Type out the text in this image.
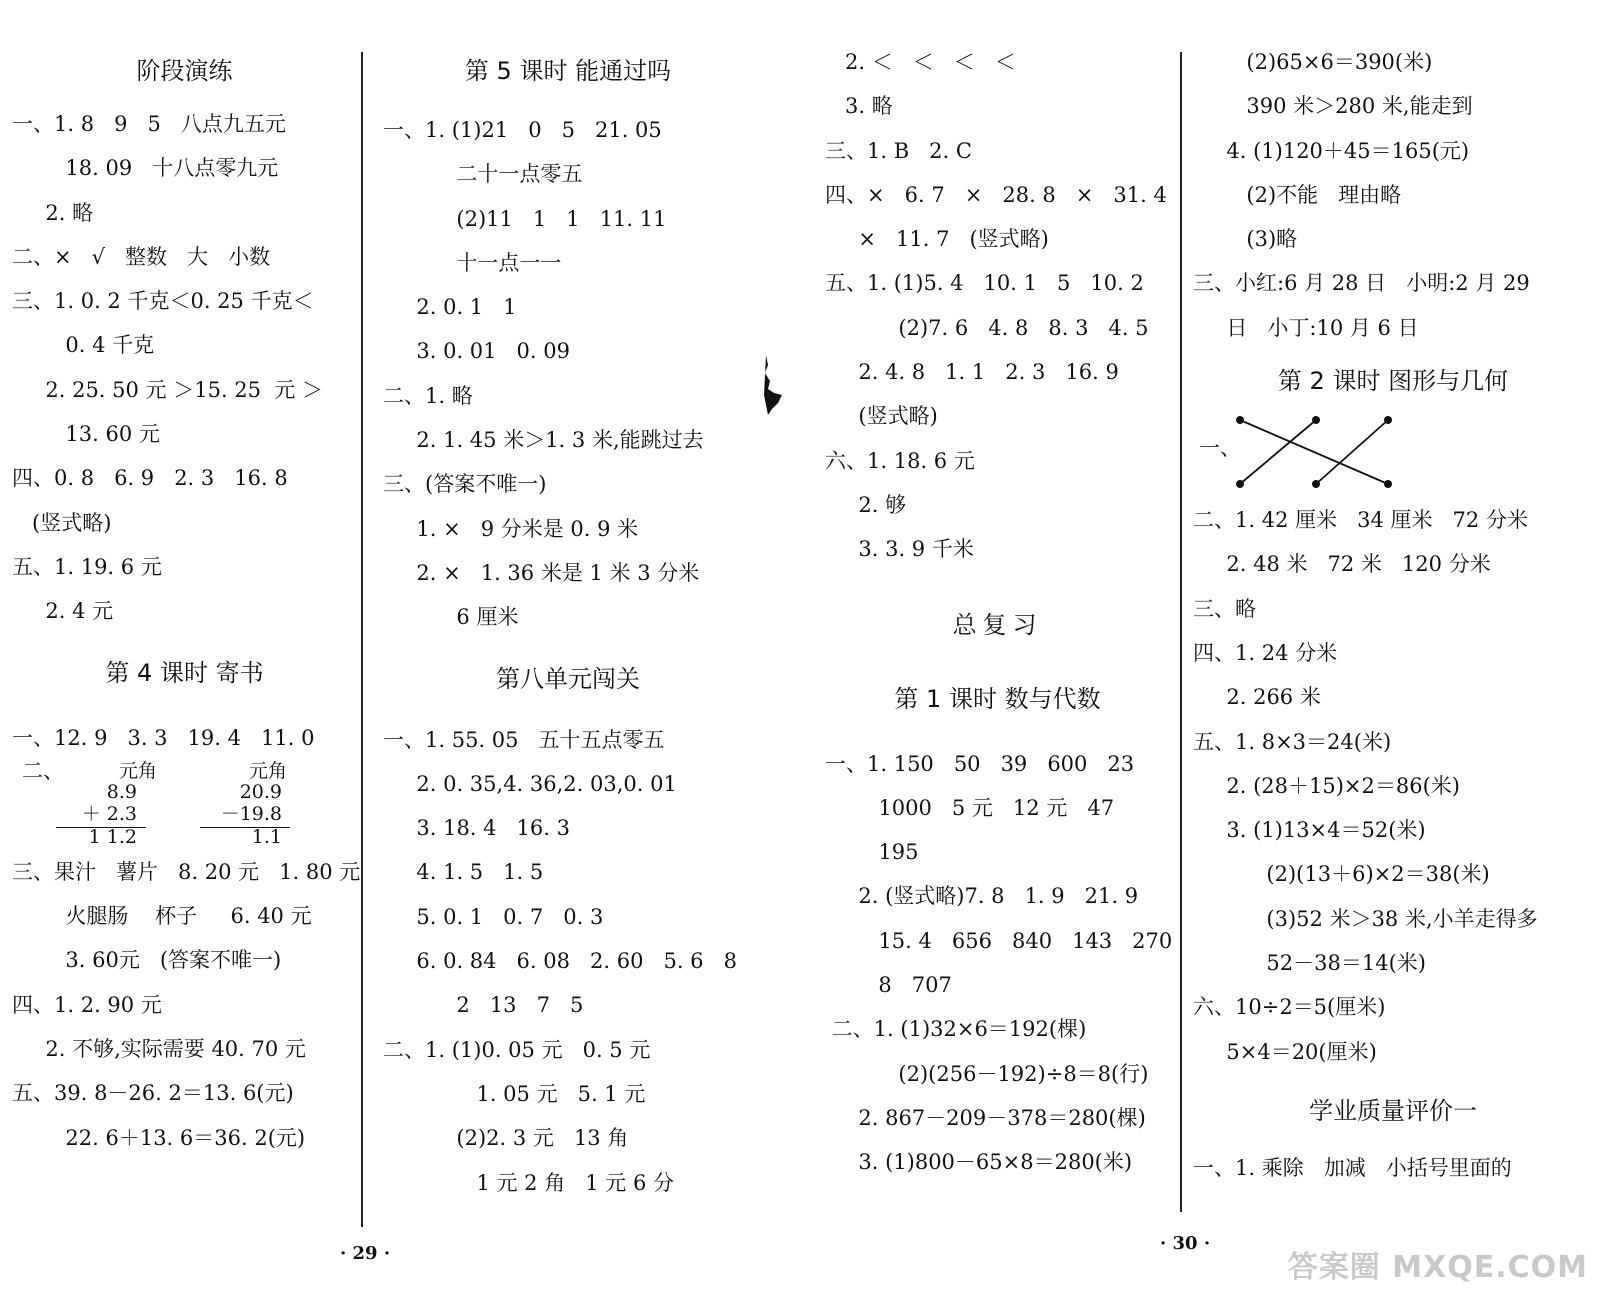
阶段演练
一、1. 8   9   5   八点九五元
18. 09   十八点零九元
2. 略
二、×   √   整数   大   小数
三、1. 0. 2 千克＜0. 25 千克＜
0. 4 千克
2. 25. 50 元 ＞15. 25  元 ＞
13. 60 元
四、0. 8   6. 9   2. 3   16. 8
(竖式略)
五、1. 19. 6 元
2. 4 元
第 4 课时 寄书
一、12. 9   3. 3   19. 4   11. 0
二、	元角
8.9
＋ 2.3
1 1.2
元角
20.9
－19.8
1.1
三、果汁   薯片   8. 20 元   1. 80 元
火腿肠    杯子     6. 40 元
3. 60元   (答案不唯一)
四、1. 2. 90 元
2. 不够,实际需要 40. 70 元
五、39. 8－26. 2＝13. 6(元)
22. 6＋13. 6＝36. 2(元)
第 5 课时 能通过吗
一、1. (1)21   0   5   21. 05
二十一点零五
(2)11   1   1   11. 11
十一点一一
2. 0. 1   1
3. 0. 01   0. 09
二、1. 略
2. 1. 45 米＞1. 3 米,能跳过去
三、(答案不唯一)
1. ×   9 分米是 0. 9 米
2. ×   1. 36 米是 1 米 3 分米
6 厘米
第八单元闯关
一、1. 55. 05   五十五点零五
2. 0. 35,4. 36,2. 03,0. 01
3. 18. 4   16. 3
4. 1. 5   1. 5
5. 0. 1   0. 7   0. 3
6. 0. 84   6. 08   2. 60   5. 6   8
2   13   7   5
二、1. (1)0. 05 元   0. 5 元
1. 05 元   5. 1 元
(2)2. 3 元   13 角
1 元 2 角   1 元 6 分
2. ＜   ＜   ＜   ＜
3. 略
三、1. B   2. C
四、×   6. 7   ×   28. 8   ×   31. 4
×   11. 7   (竖式略)
五、1. (1)5. 4   10. 1   5   10. 2
(2)7. 6   4. 8   8. 3   4. 5
2. 4. 8   1. 1   2. 3   16. 9
(竖式略)
六、1. 18. 6 元
2. 够
3. 3. 9 千米
总复习
第 1 课时 数与代数
一、1. 150   50   39   600   23
1000   5 元   12 元   47
195
2. (竖式略)7. 8   1. 9   21. 9
15. 4   656   840   143   270
8   707
二、1. (1)32×6＝192(棵)
(2)(256－192)÷8＝8(行)
2. 867－209－378＝280(棵)
3. (1)800－65×8＝280(米)
(2)65×6＝390(米)
390 米＞280 米,能走到
4. (1)120＋45＝165(元)
(2)不能   理由略
(3)略
三、小红:6 月 28 日   小明:2 月 29
日   小丁:10 月 6 日
第 2 课时 图形与几何
一、
二、1. 42 厘米   34 厘米   72 分米
2. 48 米   72 米   120 分米
三、略
四、1. 24 分米
2. 266 米
五、1. 8×3＝24(米)
2. (28＋15)×2＝86(米)
3. (1)13×4＝52(米)
(2)(13＋6)×2＝38(米)
(3)52 米＞38 米,小羊走得多
52－38＝14(米)
六、10÷2＝5(厘米)
5×4＝20(厘米)
学业质量评价一
一、1. 乘除   加减   小括号里面的
· 29 ·	· 30 ·
答案圈 MXQE.COM
